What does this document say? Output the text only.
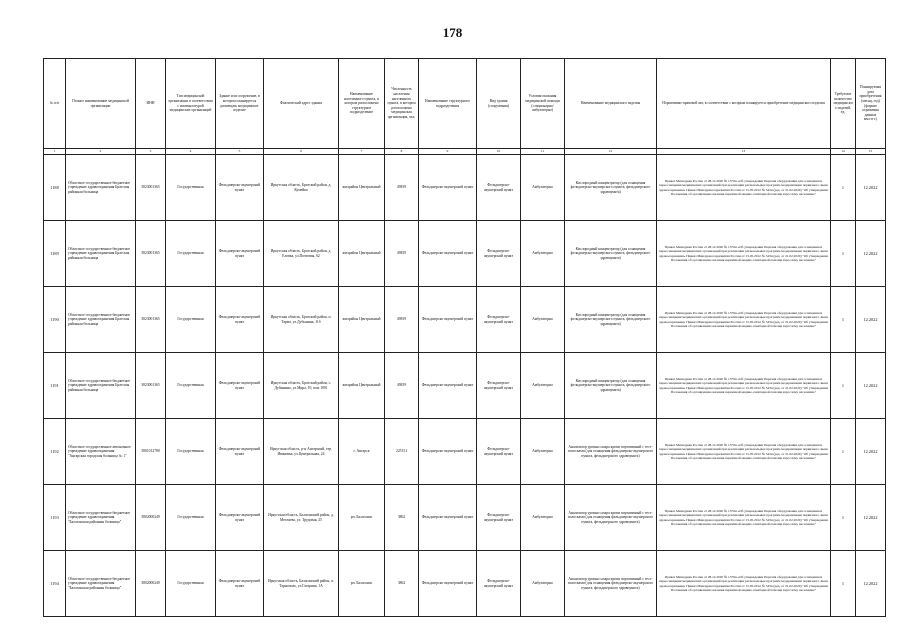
178
№ п/п	Полное наименование медицинской организации	ИНН	Тип медицинской организации в соответствии с номенклатурой медицинских организаций	Здание или сооружение, в котором планируется размещать медицинское изделие	Фактический адрес здания	Наименование населенного пункта, в котором расположено структурное подразделение	Численность населения населенного пункта, в котором расположена медицинская организация, чел.	Наименование структурного подразделения	Вид здания (сооружения)	Условия оказания медицинской помощи (стационарно/амбулаторно)	Наименование медицинского изделия	Нормативно-правовой акт, в соответствии с которым планируется приобретение медицинского изделия	Требуемое количество медицинских изделий, ед.	Планируемая дата приобретения (месяц, год) (формат отражения данных мм.гггг.)
1	2	3	4	5	6	7	8	9	10	11	12	13	14	15
1188	Областное государственное бюджетное учреждение здравоохранения Братская районная больница	3823001365	Государственная	Фельдшерско-акушерский пункт	Иркутская область, Братский район, д. Кумейка	жилрайон Центральный	49819	Фельдшерско-акушерский пункт	Фельдшерско-акушерский пункт	Амбулаторно	Кислородный концентратор (для оснащения фельдшерско-акушерского пункта, фельдшерского здравпункта)	Приказ Минздрава России от 28.12.2020 № 1379н «Об утверждении Перечня оборудования для оснащения и переоснащения медицинских организаций при реализации региональных программ модернизации первичного звена здравоохранения» Приказ Минздравсоцразвития России от 15.05.2012 № 543н (ред. от 21.02.2020) "Об утверждении Положения об организации оказания первичной медико-санитарной помощи взрослому населению"	1	12.2022
1189	Областное государственное бюджетное учреждение здравоохранения Братская районная больница	3823001365	Государственная	Фельдшерско-акушерский пункт	Иркутская область, Братский район, д. Еловка, ул.Почтовая, 62	жилрайон Центральный	49819	Фельдшерско-акушерский пункт	Фельдшерско-акушерский пункт	Амбулаторно	Кислородный концентратор (для оснащения фельдшерско-акушерского пункта, фельдшерского здравпункта)	Приказ Минздрава России от 28.12.2020 № 1379н «Об утверждении Перечня оборудования для оснащения и переоснащения медицинских организаций при реализации региональных программ модернизации первичного звена здравоохранения» Приказ Минздравсоцразвития России от 15.05.2012 № 543н (ред. от 21.02.2020) "Об утверждении Положения об организации оказания первичной медико-санитарной помощи взрослому населению"	1	12.2022
1190	Областное государственное бюджетное учреждение здравоохранения Братская районная больница	3823001365	Государственная	Фельдшерско-акушерский пункт	Иркутская область, Братский район, п. Тарма, ул.Дубынина, 11б	жилрайон Центральный	49819	Фельдшерско-акушерский пункт	Фельдшерско-акушерский пункт	Амбулаторно	Кислородный концентратор (для оснащения фельдшерско-акушерского пункта, фельдшерского здравпункта)	Приказ Минздрава России от 28.12.2020 № 1379н «Об утверждении Перечня оборудования для оснащения и переоснащения медицинских организаций при реализации региональных программ модернизации первичного звена здравоохранения» Приказ Минздравсоцразвития России от 15.05.2012 № 543н (ред. от 21.02.2020) "Об утверждении Положения об организации оказания первичной медико-санитарной помощи взрослому населению"	1	12.2022
1191	Областное государственное бюджетное учреждение здравоохранения Братская районная больница	3823001365	Государственная	Фельдшерско-акушерский пункт	Иркутская область, Братский район, с. Дубынино, ул.Мира, 10, пом 1001	жилрайон Центральный	49819	Фельдшерско-акушерский пункт	Фельдшерско-акушерский пункт	Амбулаторно	Кислородный концентратор (для оснащения фельдшерско-акушерского пункта, фельдшерского здравпункта)	Приказ Минздрава России от 28.12.2020 № 1379н «Об утверждении Перечня оборудования для оснащения и переоснащения медицинских организаций при реализации региональных программ модернизации первичного звена здравоохранения» Приказ Минздравсоцразвития России от 15.05.2012 № 543н (ред. от 21.02.2020) "Об утверждении Положения об организации оказания первичной медико-санитарной помощи взрослому населению"	1	12.2022
1192	Областное государственное автономное учреждение здравоохранения "Ангарская городская больница № 1"	3801012780	Государственная	Фельдшерско-акушерский пункт	Иркутская область, р-н Ангарский, тер. Ивановка, ул.Центральная, 24	г. Ангарск	225151	Фельдшерско-акушерский пункт	Фельдшерско-акушерский пункт	Амбулаторно	Анализатор уровня сахара крови портативный с тест-полосками (для оснащения фельдшерско-акушерского пункта, фельдшерского здравпункта)	Приказ Минздрава России от 28.12.2020 № 1379н «Об утверждении Перечня оборудования для оснащения и переоснащения медицинских организаций при реализации региональных программ модернизации первичного звена здравоохранения» Приказ Минздравсоцразвития России от 15.05.2012 № 543н (ред. от 21.02.2020) "Об утверждении Положения об организации оказания первичной медико-санитарной помощи взрослому населению"	1	12.2022
1193	Областное государственное бюджетное учреждение здравоохранения "Балаганская районная больница"	3802000249	Государственная	Фельдшерско-акушерский пункт	Иркутская область, Балаганский район, д. Метляева, ул. Трудовая, 25	рп. Балаганск	3862	Фельдшерско-акушерский пункт	Фельдшерско-акушерский пункт	Амбулаторно	Анализатор уровня сахара крови портативный с тест-полосками (для оснащения фельдшерско-акушерского пункта, фельдшерского здравпункта)	Приказ Минздрава России от 28.12.2020 № 1379н «Об утверждении Перечня оборудования для оснащения и переоснащения медицинских организаций при реализации региональных программ модернизации первичного звена здравоохранения» Приказ Минздравсоцразвития России от 15.05.2012 № 543н (ред. от 21.02.2020) "Об утверждении Положения об организации оказания первичной медико-санитарной помощи взрослому населению"	1	12.2022
1194	Областное государственное бюджетное учреждение здравоохранения "Балаганская районная больница"	3802000249	Государственная	Фельдшерско-акушерский пункт	Иркутская область, Балаганский район, п. Тарнополь, ул.Гагарина, 1А	рп. Балаганск	3862	Фельдшерско-акушерский пункт	Фельдшерско-акушерский пункт	Амбулаторно	Анализатор уровня сахара крови портативный с тест-полосками (для оснащения фельдшерско-акушерского пункта, фельдшерского здравпункта)	Приказ Минздрава России от 28.12.2020 № 1379н «Об утверждении Перечня оборудования для оснащения и переоснащения медицинских организаций при реализации региональных программ модернизации первичного звена здравоохранения» Приказ Минздравсоцразвития России от 15.05.2012 № 543н (ред. от 21.02.2020) "Об утверждении Положения об организации оказания первичной медико-санитарной помощи взрослому населению"	1	12.2022
